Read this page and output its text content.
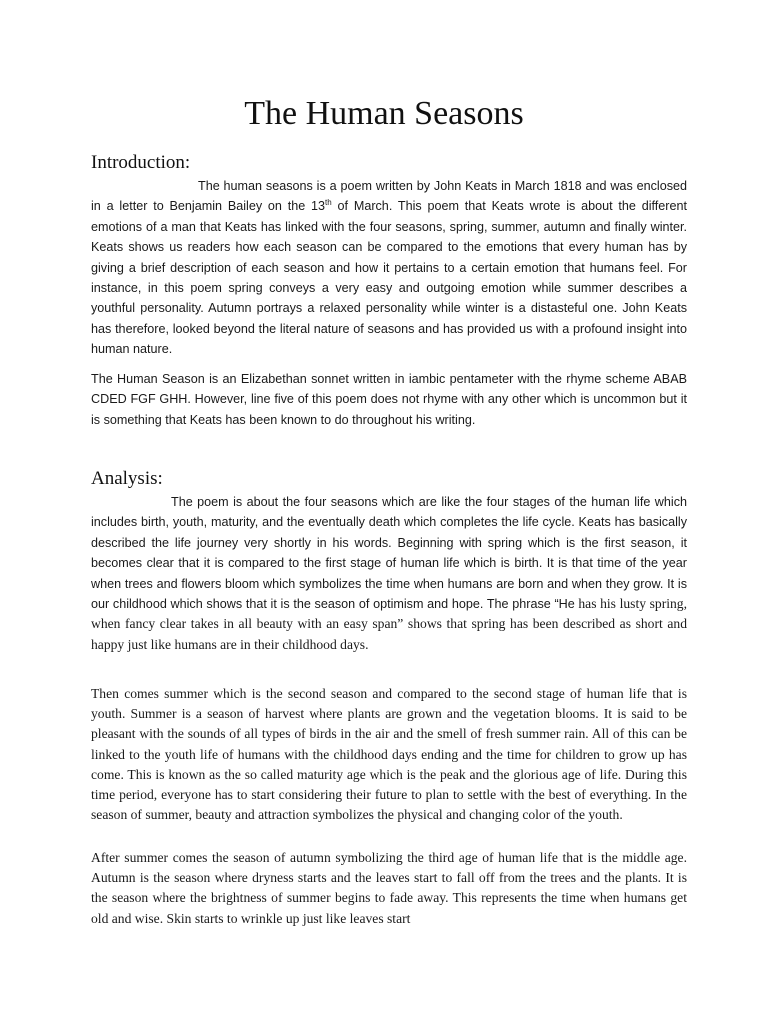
The Human Seasons
Introduction:

The human seasons is a poem written by John Keats in March 1818 and was enclosed in a letter to Benjamin Bailey on the 13th of March. This poem that Keats wrote is about the different emotions of a man that Keats has linked with the four seasons, spring, summer, autumn and finally winter. Keats shows us readers how each season can be compared to the emotions that every human has by giving a brief description of each season and how it pertains to a certain emotion that humans feel. For instance, in this poem spring conveys a very easy and outgoing emotion while summer describes a youthful personality. Autumn portrays a relaxed personality while winter is a distasteful one. John Keats has therefore, looked beyond the literal nature of seasons and has provided us with a profound insight into human nature.

The Human Season is an Elizabethan sonnet written in iambic pentameter with the rhyme scheme ABAB CDED FGF GHH. However, line five of this poem does not rhyme with any other which is uncommon but it is something that Keats has been known to do throughout his writing.

Analysis:

The poem is about the four seasons which are like the four stages of the human life which includes birth, youth, maturity, and the eventually death which completes the life cycle. Keats has basically described the life journey very shortly in his words. Beginning with spring which is the first season, it becomes clear that it is compared to the first stage of human life which is birth. It is that time of the year when trees and flowers bloom which symbolizes the time when humans are born and when they grow. It is our childhood which shows that it is the season of optimism and hope. The phrase “He has his lusty spring, when fancy clear takes in all beauty with an easy span” shows that spring has been described as short and happy just like humans are in their childhood days.

Then comes summer which is the second season and compared to the second stage of human life that is youth. Summer is a season of harvest where plants are grown and the vegetation blooms. It is said to be pleasant with the sounds of all types of birds in the air and the smell of fresh summer rain. All of this can be linked to the youth life of humans with the childhood days ending and the time for children to grow up has come. This is known as the so called maturity age which is the peak and the glorious age of life. During this time period, everyone has to start considering their future to plan to settle with the best of everything. In the season of summer, beauty and attraction symbolizes the physical and changing color of the youth.

After summer comes the season of autumn symbolizing the third age of human life that is the middle age. Autumn is the season where dryness starts and the leaves start to fall off from the trees and the plants. It is the season where the brightness of summer begins to fade away. This represents the time when humans get old and wise. Skin starts to wrinkle up just like leaves start
